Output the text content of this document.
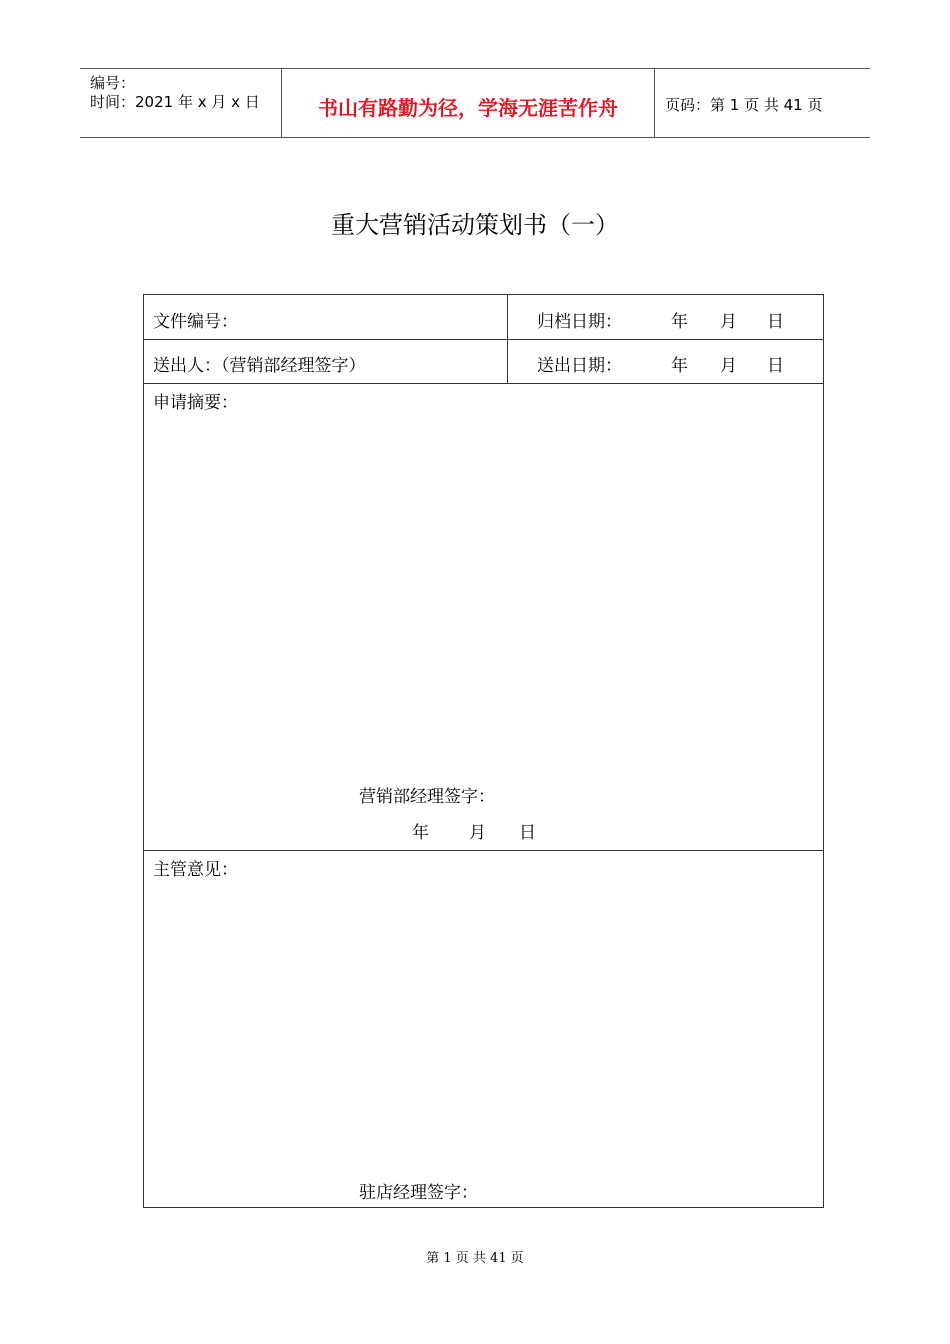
编号：
时间：2021 年 x 月 x 日	书山有路勤为径，学海无涯苦作舟	页码：第 1 页 共 41 页
重大营销活动策划书（一）
文件编号：	归档日期：	年 月 日
送出人：（营销部经理签字）	送出日期：	年 月 日
申请摘要：
营销部经理签字：
年 月 日
主管意见：
驻店经理签字：
第 1 页 共 41 页
